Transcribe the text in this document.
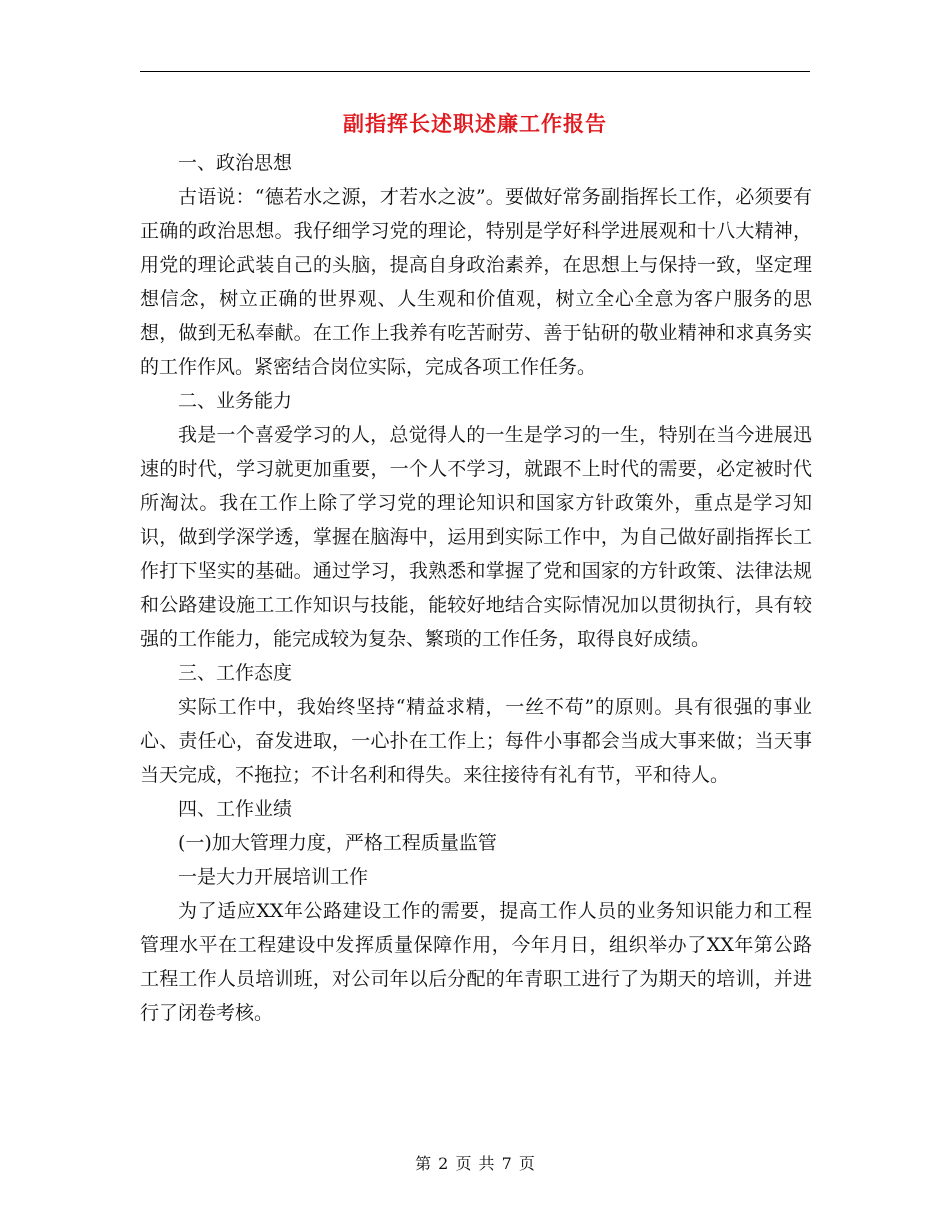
副指挥长述职述廉工作报告

一、政治思想

古语说：“德若水之源，才若水之波”。要做好常务副指挥长工作，必须要有正确的政治思想。我仔细学习党的理论，特别是学好科学进展观和十八大精神，用党的理论武装自己的头脑，提高自身政治素养，在思想上与保持一致，坚定理想信念，树立正确的世界观、人生观和价值观，树立全心全意为客户服务的思想，做到无私奉献。在工作上我养有吃苦耐劳、善于钻研的敬业精神和求真务实的工作作风。紧密结合岗位实际，完成各项工作任务。

二、业务能力

我是一个喜爱学习的人，总觉得人的一生是学习的一生，特别在当今进展迅速的时代，学习就更加重要，一个人不学习，就跟不上时代的需要，必定被时代所淘汰。我在工作上除了学习党的理论知识和国家方针政策外，重点是学习知识，做到学深学透，掌握在脑海中，运用到实际工作中，为自己做好副指挥长工作打下坚实的基础。通过学习，我熟悉和掌握了党和国家的方针政策、法律法规和公路建设施工工作知识与技能，能较好地结合实际情况加以贯彻执行，具有较强的工作能力，能完成较为复杂、繁琐的工作任务，取得良好成绩。

三、工作态度

实际工作中，我始终坚持“精益求精，一丝不苟”的原则。具有很强的事业心、责任心，奋发进取，一心扑在工作上；每件小事都会当成大事来做；当天事当天完成，不拖拉；不计名利和得失。来往接待有礼有节，平和待人。

四、工作业绩

(一)加大管理力度，严格工程质量监管

一是大力开展培训工作

为了适应XX年公路建设工作的需要，提高工作人员的业务知识能力和工程管理水平在工程建设中发挥质量保障作用，今年月日，组织举办了XX年第公路工程工作人员培训班，对公司年以后分配的年青职工进行了为期天的培训，并进行了闭卷考核。

第 2 页 共 7 页
